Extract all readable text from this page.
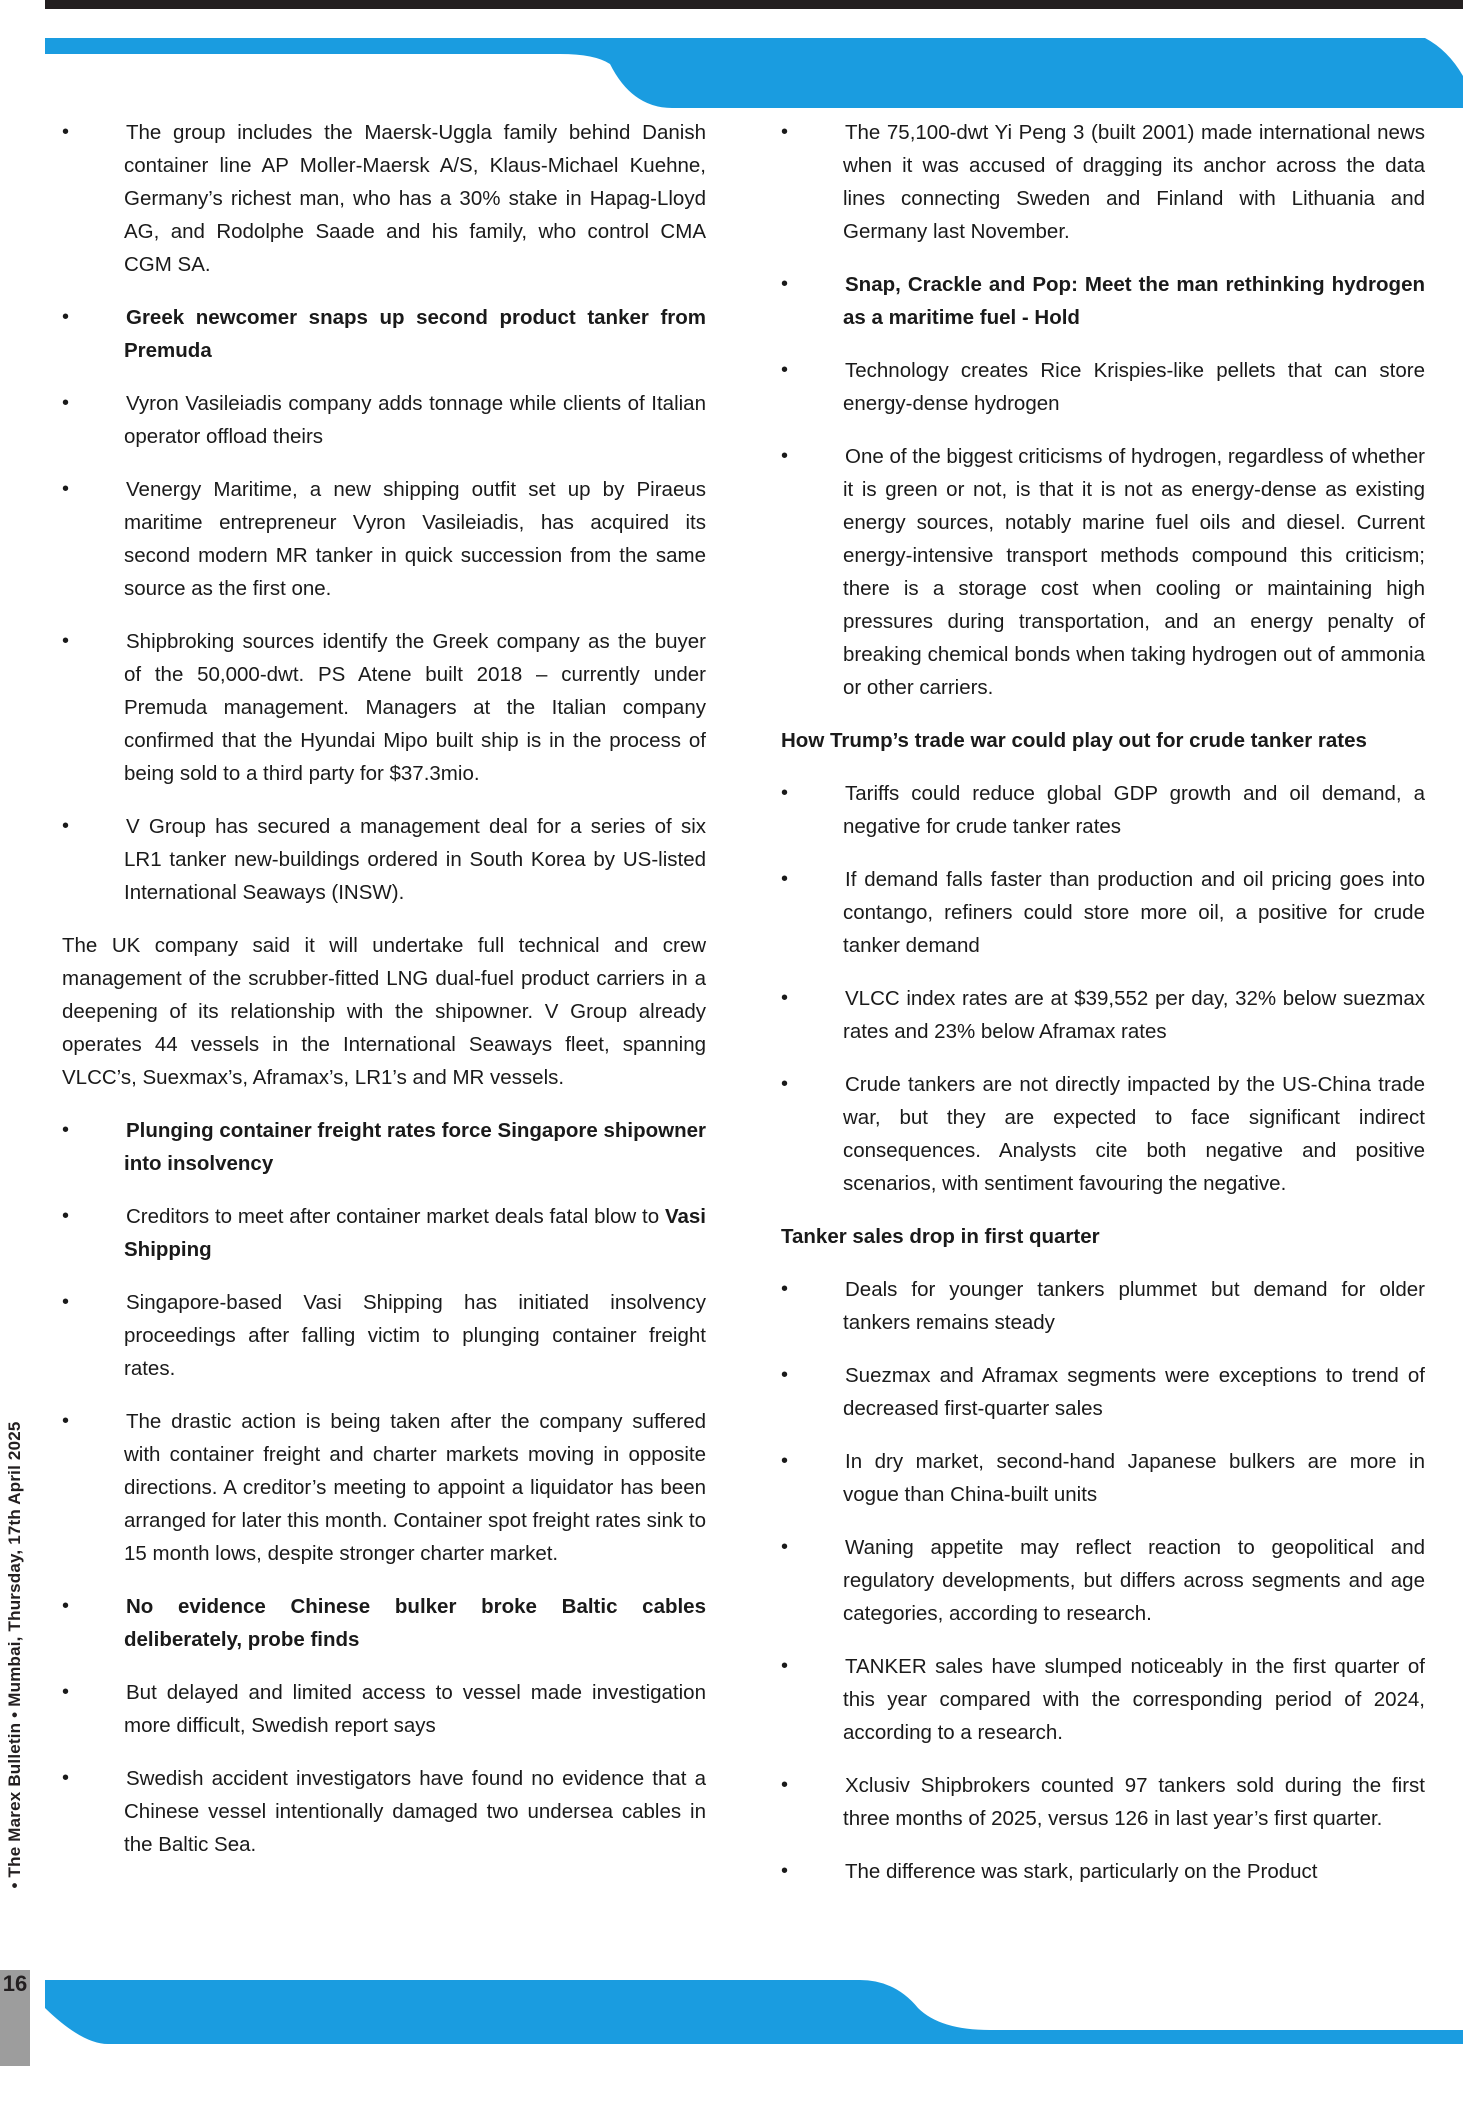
• The Marex Bulletin • Mumbai, Thursday, 17th April 2025
16
•	The group includes the Maersk-Uggla family behind Danish container line AP Moller-Maersk A/S, Klaus-Michael Kuehne, Germany’s richest man, who has a 30% stake in Hapag-Lloyd AG, and Rodolphe Saade and his family, who control CMA CGM SA.

•	Greek newcomer snaps up second product tanker from Premuda

•	Vyron Vasileiadis company adds tonnage while clients of Italian operator offload theirs

•	Venergy Maritime, a new shipping outfit set up by Piraeus maritime entrepreneur Vyron Vasileiadis, has acquired its second modern MR tanker in quick succession from the same source as the first one.

•	Shipbroking sources identify the Greek company as the buyer of the 50,000-dwt. PS Atene built 2018 – currently under Premuda management. Managers at the Italian company confirmed that the Hyundai Mipo built ship is in the process of being sold to a third party for $37.3mio.

•	V Group has secured a management deal for a series of six LR1 tanker new-buildings ordered in South Korea by US-listed International Seaways (INSW).

The UK company said it will undertake full technical and crew management of the scrubber-fitted LNG dual-fuel product carriers in a deepening of its relationship with the shipowner. V Group already operates 44 vessels in the International Seaways fleet, spanning VLCC’s, Suexmax’s, Aframax’s, LR1’s and MR vessels.

•	Plunging container freight rates force Singapore shipowner into insolvency

•	Creditors to meet after container market deals fatal blow to Vasi Shipping

•	Singapore-based Vasi Shipping has initiated insolvency proceedings after falling victim to plunging container freight rates.

•	The drastic action is being taken after the company suffered with container freight and charter markets moving in opposite directions. A creditor’s meeting to appoint a liquidator has been arranged for later this month. Container spot freight rates sink to 15 month lows, despite stronger charter market.

•	No evidence Chinese bulker broke Baltic cables deliberately, probe finds

•	But delayed and limited access to vessel made investigation more difficult, Swedish report says

•	Swedish accident investigators have found no evidence that a Chinese vessel intentionally damaged two undersea cables in the Baltic Sea.

•	The 75,100-dwt Yi Peng 3 (built 2001) made international news when it was accused of dragging its anchor across the data lines connecting Sweden and Finland with Lithuania and Germany last November.

•	Snap, Crackle and Pop: Meet the man rethinking hydrogen as a maritime fuel - Hold

•	Technology creates Rice Krispies-like pellets that can store energy-dense hydrogen

•	One of the biggest criticisms of hydrogen, regardless of whether it is green or not, is that it is not as energy-dense as existing energy sources, notably marine fuel oils and diesel. Current energy-intensive transport methods compound this criticism; there is a storage cost when cooling or maintaining high pressures during transportation, and an energy penalty of breaking chemical bonds when taking hydrogen out of ammonia or other carriers.

How Trump’s trade war could play out for crude tanker rates
•	Tariffs could reduce global GDP growth and oil demand, a negative for crude tanker rates

•	If demand falls faster than production and oil pricing goes into contango, refiners could store more oil, a positive for crude tanker demand

•	VLCC index rates are at $39,552 per day, 32% below suezmax rates and 23% below Aframax rates

•	Crude tankers are not directly impacted by the US-China trade war, but they are expected to face significant indirect consequences. Analysts cite both negative and positive scenarios, with sentiment favouring the negative.

Tanker sales drop in first quarter
•	Deals for younger tankers plummet but demand for older tankers remains steady

•	Suezmax and Aframax segments were exceptions to trend of decreased first-quarter sales

•	In dry market, second-hand Japanese bulkers are more in vogue than China-built units

•	Waning appetite may reflect reaction to geopolitical and regulatory developments, but differs across segments and age categories, according to research.

•	TANKER sales have slumped noticeably in the first quarter of this year compared with the corresponding period of 2024, according to a research.

•	Xclusiv Shipbrokers counted 97 tankers sold during the first three months of 2025, versus 126 in last year’s first quarter.

•	The difference was stark, particularly on the Product
